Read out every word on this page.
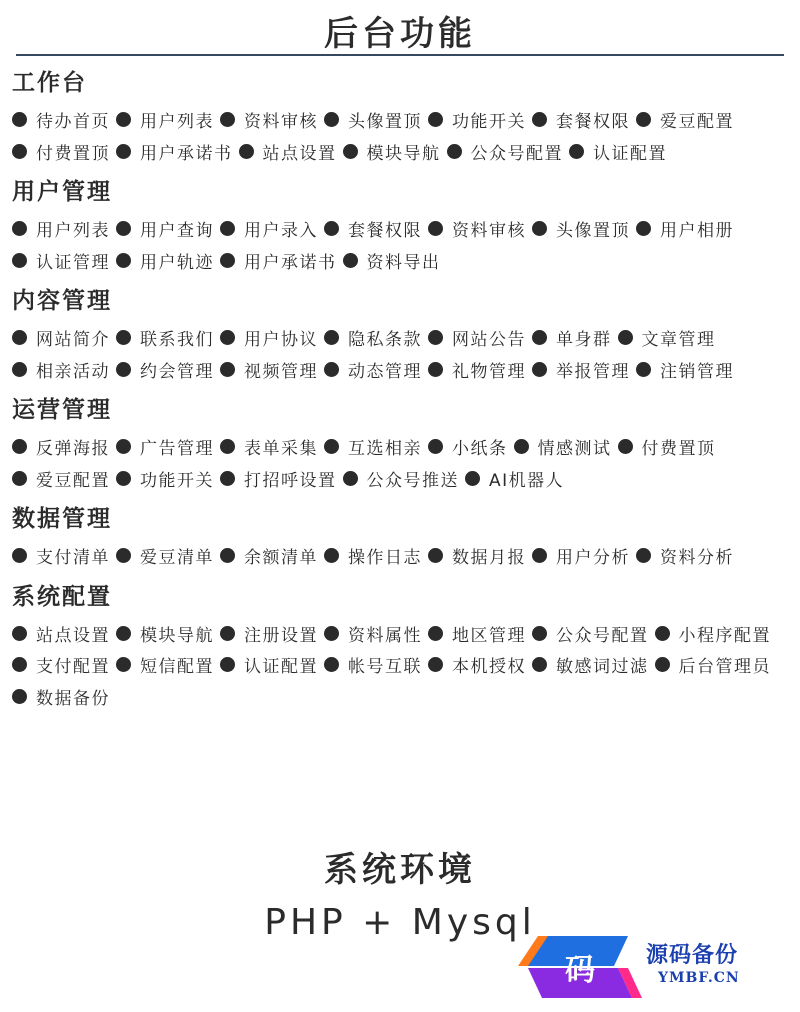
后台功能
工作台
待办首页 用户列表 资料审核 头像置顶 功能开关 套餐权限 爱豆配置
付费置顶 用户承诺书 站点设置 模块导航 公众号配置 认证配置
用户管理
用户列表 用户查询 用户录入 套餐权限 资料审核 头像置顶 用户相册
认证管理 用户轨迹 用户承诺书 资料导出
内容管理
网站简介 联系我们 用户协议 隐私条款 网站公告 单身群 文章管理
相亲活动 约会管理 视频管理 动态管理 礼物管理 举报管理 注销管理
运营管理
反弹海报 广告管理 表单采集 互选相亲 小纸条 情感测试 付费置顶
爱豆配置 功能开关 打招呼设置 公众号推送 AI机器人
数据管理
支付清单 爱豆清单 余额清单 操作日志 数据月报 用户分析 资料分析
系统配置
站点设置 模块导航 注册设置 资料属性 地区管理 公众号配置 小程序配置
支付配置 短信配置 认证配置 帐号互联 本机授权 敏感词过滤 后台管理员
数据备份
系统环境
PHP + Mysql
码 源码备份
YMBF.CN
